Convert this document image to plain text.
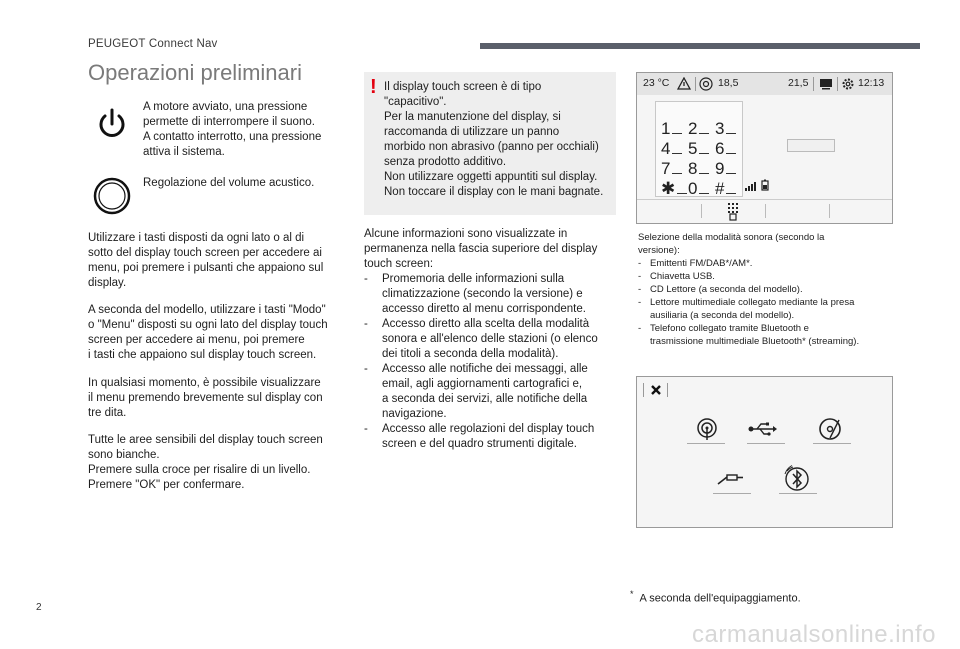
PEUGEOT Connect Nav
Operazioni preliminari
A motore avviato, una pressione
permette di interrompere il suono.
A contatto interrotto, una pressione
attiva il sistema.
Regolazione del volume acustico.
Utilizzare i tasti disposti da ogni lato o al di
sotto del display touch screen per accedere ai
menu, poi premere i pulsanti che appaiono sul
display.
A seconda del modello, utilizzare i tasti "Modo"
o "Menu" disposti su ogni lato del display touch
screen per accedere ai menu, poi premere
i tasti che appaiono sul display touch screen.
In qualsiasi momento, è possibile visualizzare
il menu premendo brevemente sul display con
tre dita.
Tutte le aree sensibili del display touch screen
sono bianche.
Premere sulla croce per risalire di un livello.
Premere "OK" per confermare.
! Il display touch screen è di tipo
"capacitivo".
Per la manutenzione del display, si
raccomanda di utilizzare un panno
morbido non abrasivo (panno per occhiali)
senza prodotto additivo.
Non utilizzare oggetti appuntiti sul display.
Non toccare il display con le mani bagnate.
Alcune informazioni sono visualizzate in
permanenza nella fascia superiore del display
touch screen:
- Promemoria delle informazioni sulla
climatizzazione (secondo la versione) e
accesso diretto al menu corrispondente.
- Accesso diretto alla scelta della modalità
sonora e all'elenco delle stazioni (o elenco
dei titoli a seconda della modalità).
- Accesso alle notifiche dei messaggi, alle
email, agli aggiornamenti cartografici e,
a seconda dei servizi, alle notifiche della
navigazione.
- Accesso alle regolazioni del display touch
screen e del quadro strumenti digitale.
23 °C	18,5	21,5	12:13
1	2	3
4	5	6
7	8	9
✱ 0	#
Selezione della modalità sonora (secondo la
versione):
- Emittenti FM/DAB*/AM*.
- Chiavetta USB.
- CD Lettore (a seconda del modello).
- Lettore multimediale collegato mediante la presa
ausiliaria (a seconda del modello).
- Telefono collegato tramite Bluetooth e
trasmissione multimediale Bluetooth* (streaming).
* A seconda dell'equipaggiamento.
2
carmanualsonline.info
